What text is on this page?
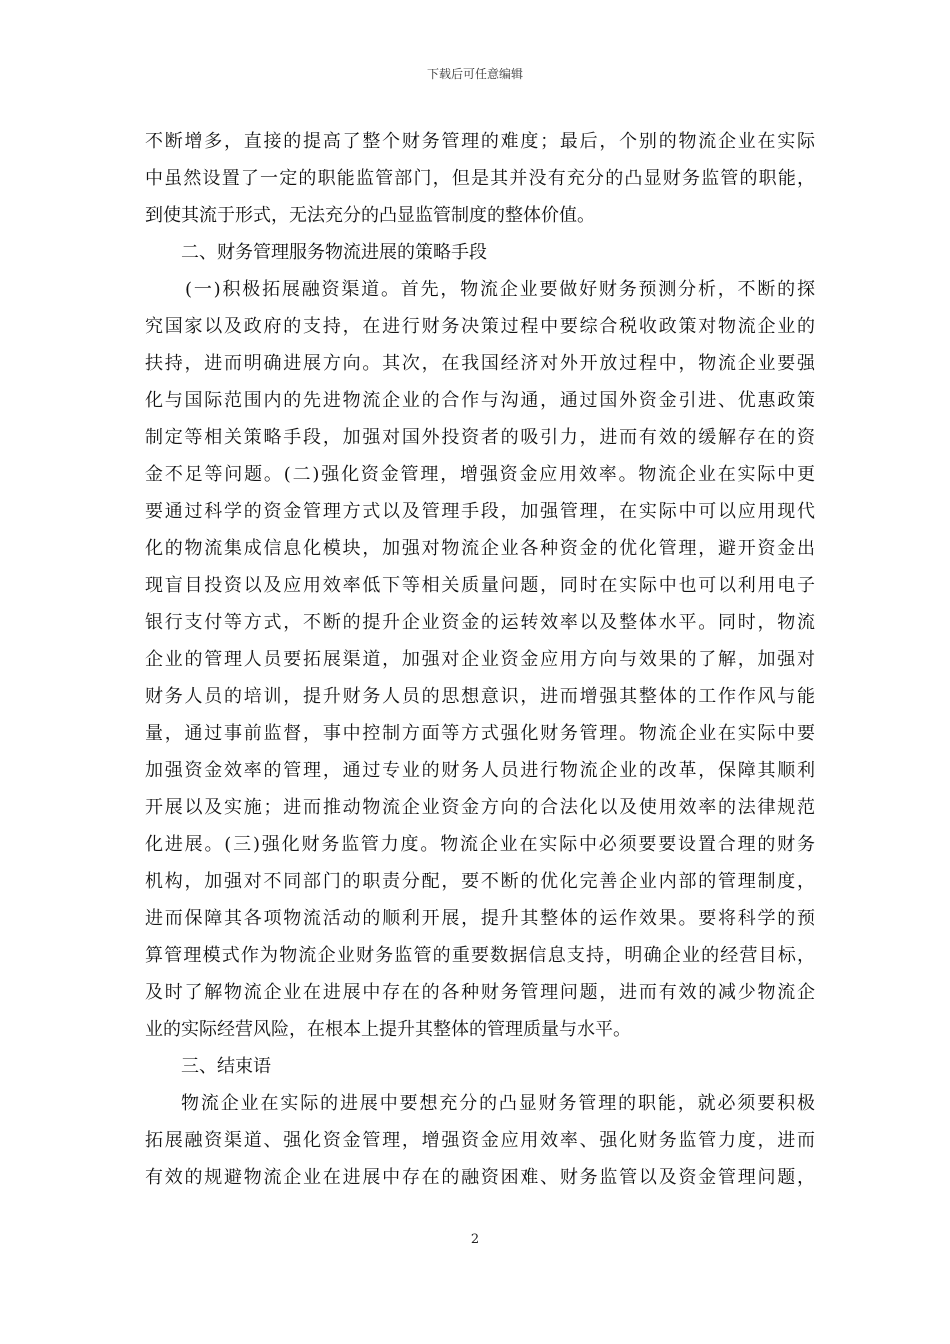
下载后可任意编辑
不断增多，直接的提高了整个财务管理的难度；最后，个别的物流企业在实际
中虽然设置了一定的职能监管部门，但是其并没有充分的凸显财务监管的职能，
到使其流于形式，无法充分的凸显监管制度的整体价值。
二、财务管理服务物流进展的策略手段
(一)积极拓展融资渠道。首先，物流企业要做好财务预测分析，不断的探
究国家以及政府的支持，在进行财务决策过程中要综合税收政策对物流企业的
扶持，进而明确进展方向。其次，在我国经济对外开放过程中，物流企业要强
化与国际范围内的先进物流企业的合作与沟通，通过国外资金引进、优惠政策
制定等相关策略手段，加强对国外投资者的吸引力，进而有效的缓解存在的资
金不足等问题。(二)强化资金管理，增强资金应用效率。物流企业在实际中更
要通过科学的资金管理方式以及管理手段，加强管理，在实际中可以应用现代
化的物流集成信息化模块，加强对物流企业各种资金的优化管理，避开资金出
现盲目投资以及应用效率低下等相关质量问题，同时在实际中也可以利用电子
银行支付等方式，不断的提升企业资金的运转效率以及整体水平。同时，物流
企业的管理人员要拓展渠道，加强对企业资金应用方向与效果的了解，加强对
财务人员的培训，提升财务人员的思想意识，进而增强其整体的工作作风与能
量，通过事前监督，事中控制方面等方式强化财务管理。物流企业在实际中要
加强资金效率的管理，通过专业的财务人员进行物流企业的改革，保障其顺利
开展以及实施；进而推动物流企业资金方向的合法化以及使用效率的法律规范
化进展。(三)强化财务监管力度。物流企业在实际中必须要要设置合理的财务
机构，加强对不同部门的职责分配，要不断的优化完善企业内部的管理制度，
进而保障其各项物流活动的顺利开展，提升其整体的运作效果。要将科学的预
算管理模式作为物流企业财务监管的重要数据信息支持，明确企业的经营目标，
及时了解物流企业在进展中存在的各种财务管理问题，进而有效的减少物流企
业的实际经营风险，在根本上提升其整体的管理质量与水平。
三、结束语
物流企业在实际的进展中要想充分的凸显财务管理的职能，就必须要积极
拓展融资渠道、强化资金管理，增强资金应用效率、强化财务监管力度，进而
有效的规避物流企业在进展中存在的融资困难、财务监管以及资金管理问题，
2
